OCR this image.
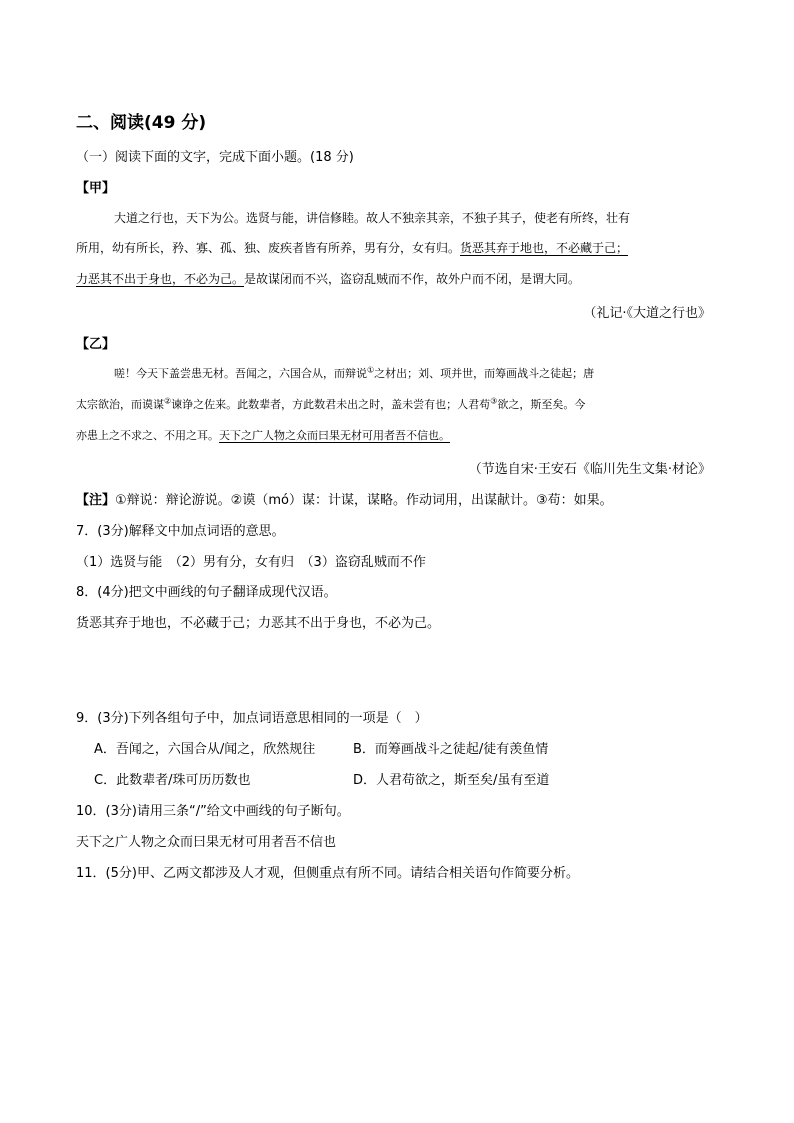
二、阅读(49 分)
（一）阅读下面的文字，完成下面小题。(18 分)
【甲】
大道之行也，天下为公。选贤与能，讲信修睦。故人不独亲其亲，不独子其子，使老有所终，壮有
所用，幼有所长，矜、寡、孤、独、废疾者皆有所养，男有分，女有归。货恶其弃于地也，不必藏于己；
力恶其不出于身也，不必为己。是故谋闭而不兴，盗窃乱贼而不作，故外户而不闭，是谓大同。
（礼记·《大道之行也》
【乙】
嗟！今天下盖尝患无材。吾闻之，六国合从，而辩说①之材出；刘、项并世，而筹画战斗之徒起；唐
太宗欲治，而谟谋②谏诤之佐来。此数辈者，方此数君未出之时，盖未尝有也；人君苟③欲之，斯至矣。今
亦患上之不求之、不用之耳。天下之广人物之众而曰果无材可用者吾不信也。
（节选自宋·王安石《临川先生文集·材论》
【注】①辩说：辩论游说。②谟（mó）谋：计谋，谋略。作动词用，出谋献计。③苟：如果。
7．(3分)解释文中加点词语的意思。
（1）选贤与能　（2）男有分，女有归　（3）盗窃乱贼而不作
8．(4分)把文中画线的句子翻译成现代汉语。
货恶其弃于地也，不必藏于己；力恶其不出于身也，不必为己。
9．(3分)下列各组句子中，加点词语意思相同的一项是（　）
A．吾闻之，六国合从/闻之，欣然规往	B．而筹画战斗之徒起/徒有羡鱼情
C．此数辈者/珠可历历数也	D．人君苟欲之，斯至矣/虽有至道
10．(3分)请用三条“/”给文中画线的句子断句。
天下之广人物之众而曰果无材可用者吾不信也
11．(5分)甲、乙两文都涉及人才观，但侧重点有所不同。请结合相关语句作简要分析。
